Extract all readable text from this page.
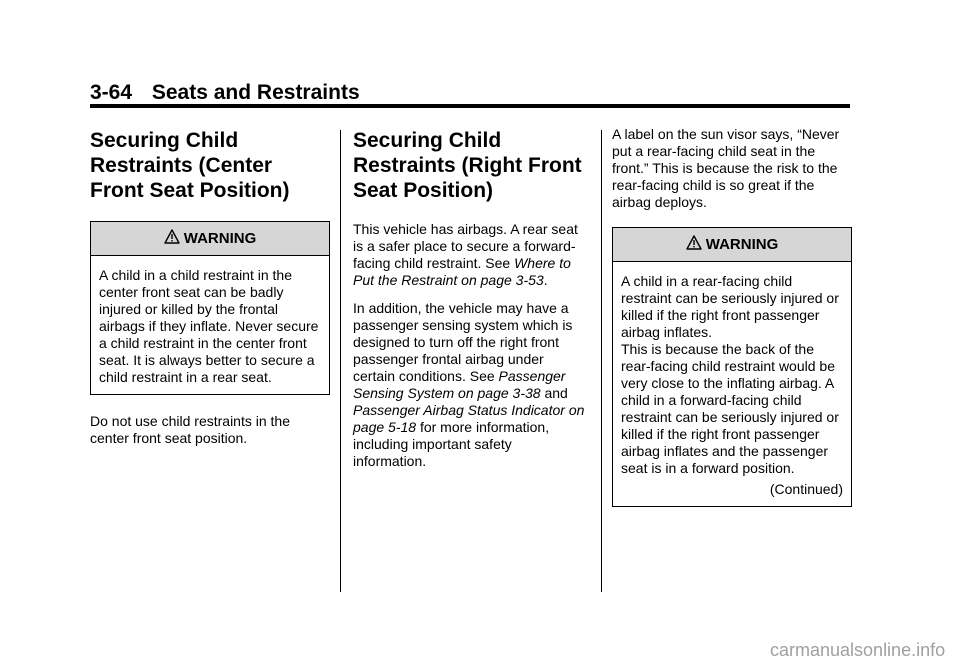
3-64 Seats and Restraints
Securing Child Restraints (Center Front Seat Position)
WARNING
A child in a child restraint in the center front seat can be badly injured or killed by the frontal airbags if they inflate. Never secure a child restraint in the center front seat. It is always better to secure a child restraint in a rear seat.

Do not use child restraints in the center front seat position.

Securing Child Restraints (Right Front Seat Position)

This vehicle has airbags. A rear seat is a safer place to secure a forward-facing child restraint. See Where to Put the Restraint on page 3-53.

In addition, the vehicle may have a passenger sensing system which is designed to turn off the right front passenger frontal airbag under certain conditions. See Passenger Sensing System on page 3-38 and Passenger Airbag Status Indicator on page 5-18 for more information, including important safety information.

A label on the sun visor says, “Never put a rear-facing child seat in the front.” This is because the risk to the rear-facing child is so great if the airbag deploys.

WARNING
A child in a rear-facing child restraint can be seriously injured or killed if the right front passenger airbag inflates.
This is because the back of the rear-facing child restraint would be very close to the inflating airbag. A child in a forward-facing child restraint can be seriously injured or killed if the right front passenger airbag inflates and the passenger seat is in a forward position.
(Continued)
carmanualsonline.info
